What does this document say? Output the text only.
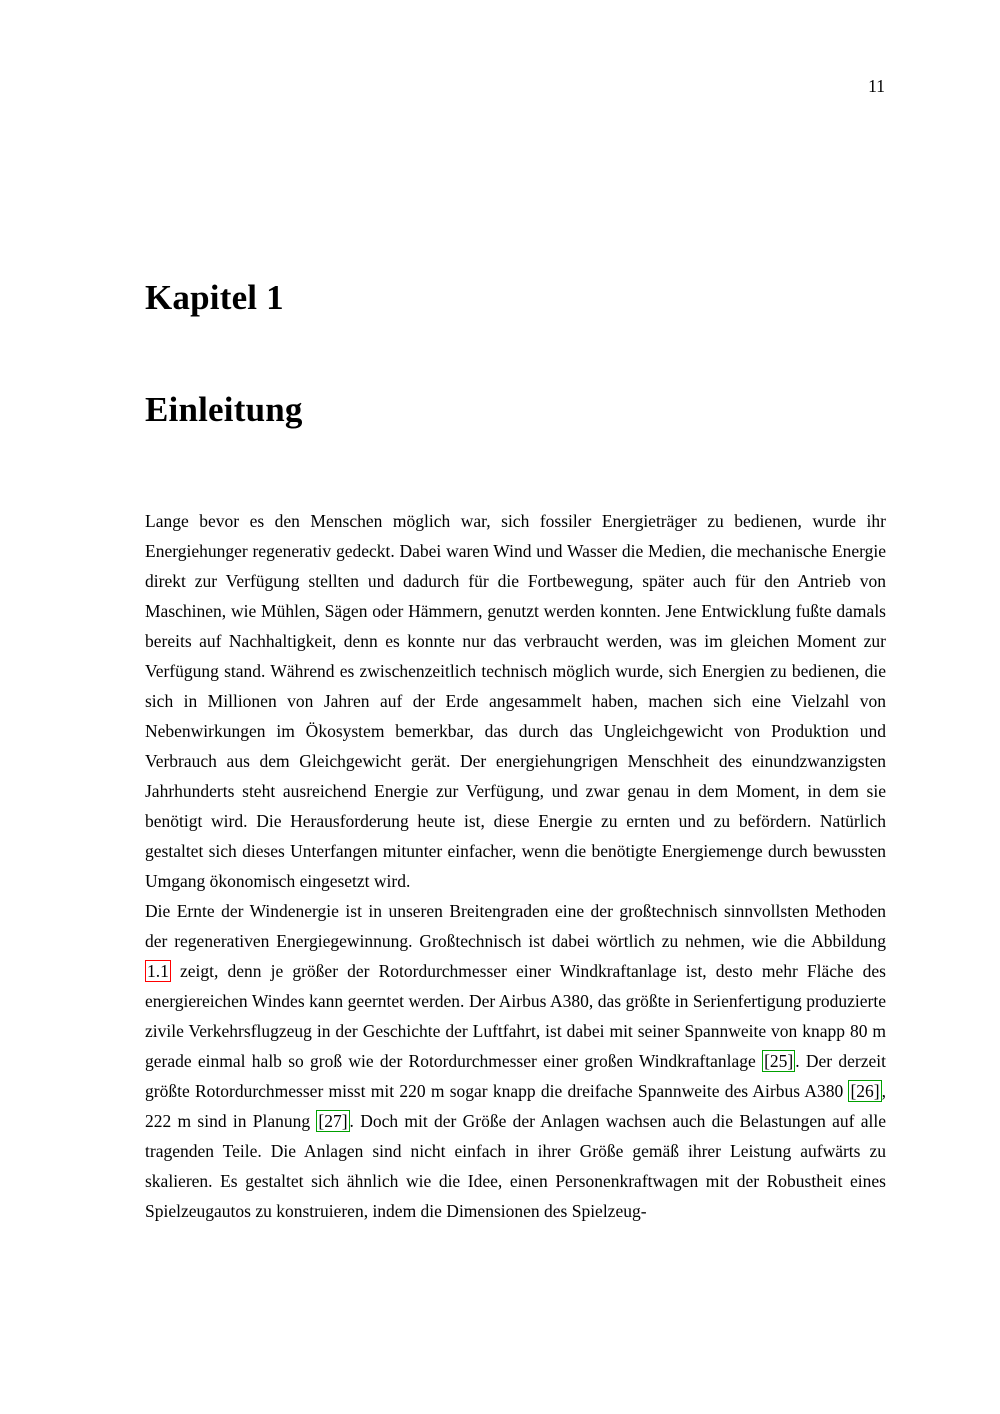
11
Kapitel 1
Einleitung

Lange bevor es den Menschen möglich war, sich fossiler Energieträger zu bedienen, wurde ihr Energiehunger regenerativ gedeckt. Dabei waren Wind und Wasser die Medien, die mechanische Energie direkt zur Verfügung stellten und dadurch für die Fortbewegung, später auch für den Antrieb von Maschinen, wie Mühlen, Sägen oder Hämmern, genutzt werden konnten. Jene Entwicklung fußte damals bereits auf Nachhaltigkeit, denn es konnte nur das verbraucht werden, was im gleichen Moment zur Verfügung stand. Während es zwischenzeitlich technisch möglich wurde, sich Energien zu bedienen, die sich in Millionen von Jahren auf der Erde angesammelt haben, machen sich eine Vielzahl von Nebenwirkungen im Ökosystem bemerkbar, das durch das Ungleichgewicht von Produktion und Verbrauch aus dem Gleichgewicht gerät. Der energiehungrigen Menschheit des einundzwanzigsten Jahrhunderts steht ausreichend Energie zur Verfügung, und zwar genau in dem Moment, in dem sie benötigt wird. Die Herausforderung heute ist, diese Energie zu ernten und zu befördern. Natürlich gestaltet sich dieses Unterfangen mitunter einfacher, wenn die benötigte Energiemenge durch bewussten Umgang ökonomisch eingesetzt wird.

Die Ernte der Windenergie ist in unseren Breitengraden eine der großtechnisch sinnvollsten Methoden der regenerativen Energiegewinnung. Großtechnisch ist dabei wörtlich zu nehmen, wie die Abbildung 1.1 zeigt, denn je größer der Rotordurchmesser einer Windkraftanlage ist, desto mehr Fläche des energiereichen Windes kann geerntet werden. Der Airbus A380, das größte in Serienfertigung produzierte zivile Verkehrsflugzeug in der Geschichte der Luftfahrt, ist dabei mit seiner Spannweite von knapp 80 m gerade einmal halb so groß wie der Rotordurchmesser einer großen Windkraftanlage [25] . Der derzeit größte Rotordurchmesser misst mit 220 m sogar knapp die dreifache Spannweite des Airbus A380 [26] , 222 m sind in Planung [27] . Doch mit der Größe der Anlagen wachsen auch die Belastungen auf alle tragenden Teile. Die Anlagen sind nicht einfach in ihrer Größe gemäß ihrer Leistung aufwärts zu skalieren. Es gestaltet sich ähnlich wie die Idee, einen Personenkraftwagen mit der Robustheit eines Spielzeugautos zu konstruieren, indem die Dimensionen des Spielzeug-
